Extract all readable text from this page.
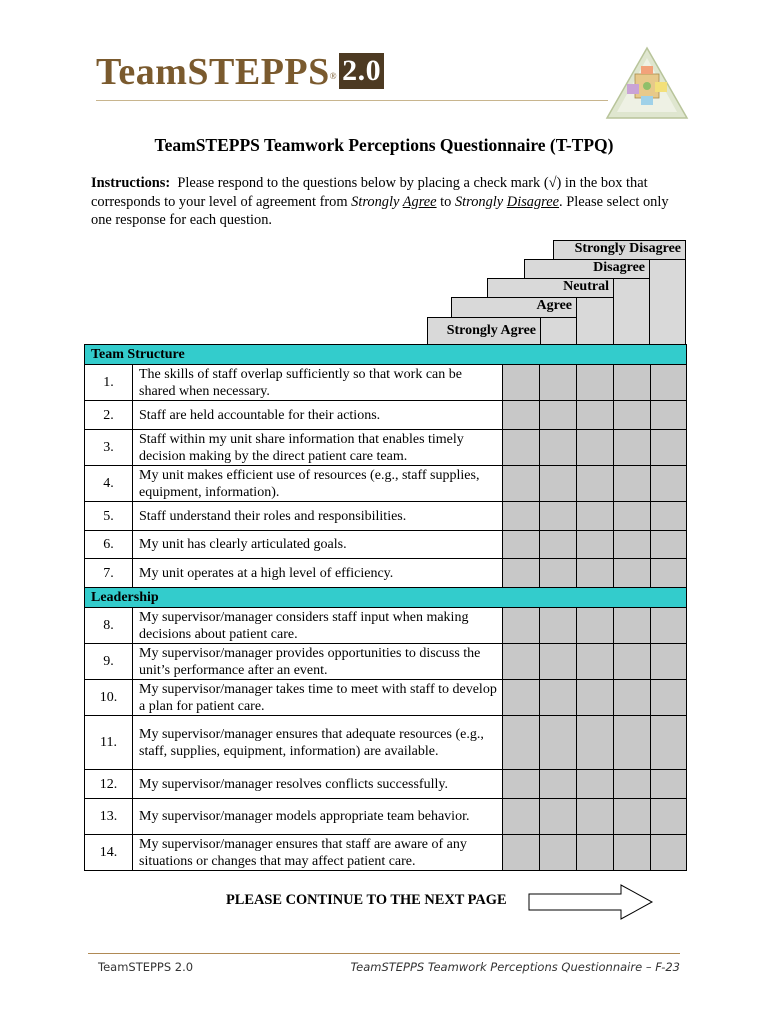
TeamSTEPPS® 2.0
TeamSTEPPS Teamwork Perceptions Questionnaire (T-TPQ)
Instructions: Please respond to the questions below by placing a check mark (√) in the box that corresponds to your level of agreement from Strongly Agree to Strongly Disagree. Please select only one response for each question.
Strongly Disagree
Disagree
Neutral
Agree
Strongly Agree
Team Structure						
1.	The skills of staff overlap sufficiently so that work can be shared when necessary.					
2.	Staff are held accountable for their actions.					
3.	Staff within my unit share information that enables timely decision making by the direct patient care team.					
4.	My unit makes efficient use of resources (e.g., staff supplies, equipment, information).					
5.	Staff understand their roles and responsibilities.					
6.	My unit has clearly articulated goals.					
7.	My unit operates at a high level of efficiency.					
Leadership						
8.	My supervisor/manager considers staff input when making decisions about patient care.					
9.	My supervisor/manager provides opportunities to discuss the unit’s performance after an event.					
10.	My supervisor/manager takes time to meet with staff to develop a plan for patient care.					
11.	My supervisor/manager ensures that adequate resources (e.g., staff, supplies, equipment, information) are available.					
12.	My supervisor/manager resolves conflicts successfully.					
13.	My supervisor/manager models appropriate team behavior.					
14.	My supervisor/manager ensures that staff are aware of any situations or changes that may affect patient care.					
PLEASE CONTINUE TO THE NEXT PAGE
TeamSTEPPS 2.0	TeamSTEPPS Teamwork Perceptions Questionnaire – F-23
